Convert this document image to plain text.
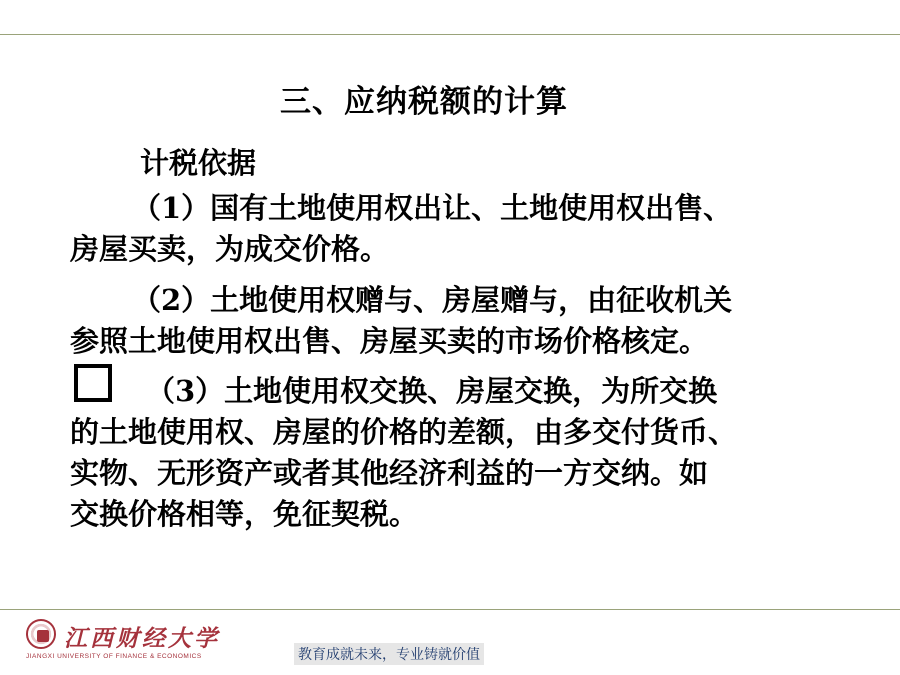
三、应纳税额的计算
计税依据
（1）国有土地使用权出让、土地使用权出售、
房屋买卖，为成交价格。
（2）土地使用权赠与、房屋赠与，由征收机关
参照土地使用权出售、房屋买卖的市场价格核定。
（3）土地使用权交换、房屋交换，为所交换
的土地使用权、房屋的价格的差额，由多交付货币、
实物、无形资产或者其他经济利益的一方交纳。如
交换价格相等，免征契税。
江西财经大学
JIANGXI UNIVERSITY OF FINANCE & ECONOMICS	教育成就未来，专业铸就价值
